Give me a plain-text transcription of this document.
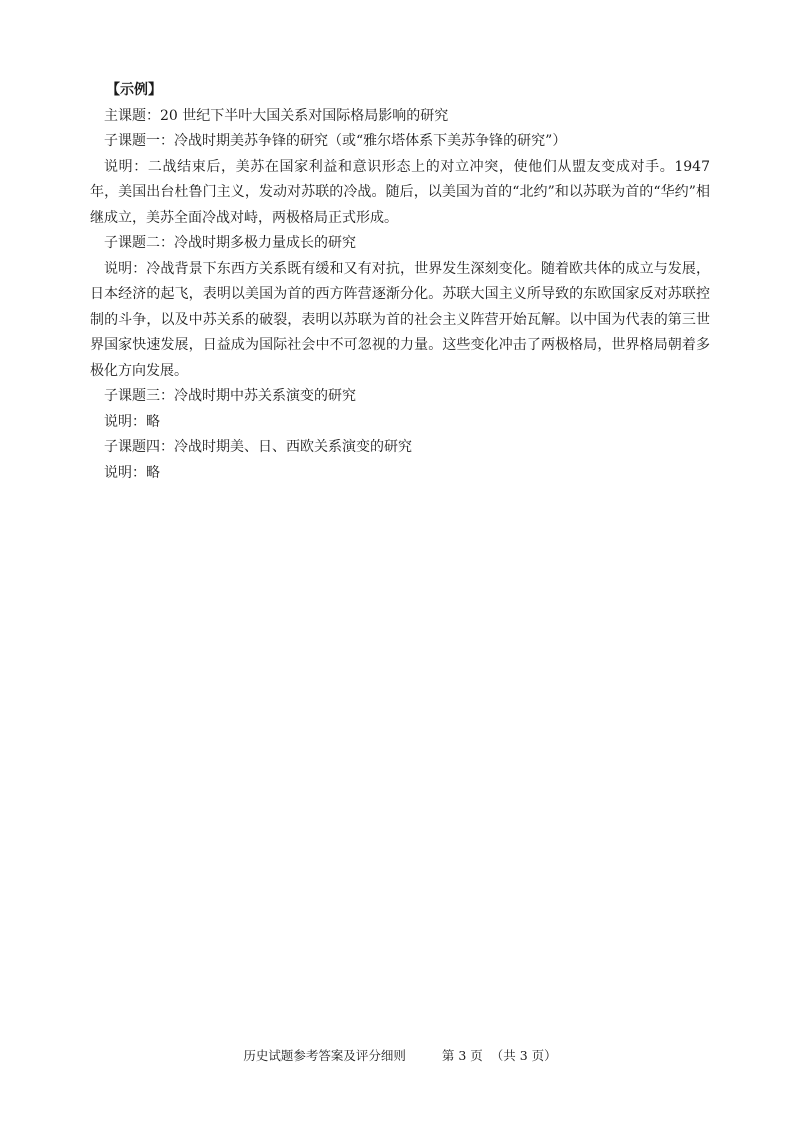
【示例】

主课题：20 世纪下半叶大国关系对国际格局影响的研究

子课题一：冷战时期美苏争锋的研究（或“雅尔塔体系下美苏争锋的研究”）

说明：二战结束后，美苏在国家利益和意识形态上的对立冲突，使他们从盟友变成对手。1947 年，美国出台杜鲁门主义，发动对苏联的冷战。随后，以美国为首的“北约”和以苏联为首的“华约”相继成立，美苏全面冷战对峙，两极格局正式形成。

子课题二：冷战时期多极力量成长的研究

说明：冷战背景下东西方关系既有缓和又有对抗，世界发生深刻变化。随着欧共体的成立与发展，日本经济的起飞，表明以美国为首的西方阵营逐渐分化。苏联大国主义所导致的东欧国家反对苏联控制的斗争，以及中苏关系的破裂，表明以苏联为首的社会主义阵营开始瓦解。以中国为代表的第三世界国家快速发展，日益成为国际社会中不可忽视的力量。这些变化冲击了两极格局，世界格局朝着多极化方向发展。

子课题三：冷战时期中苏关系演变的研究

说明：略

子课题四：冷战时期美、日、西欧关系演变的研究

说明：略

历史试题参考答案及评分细则	第 3 页 （共 3 页）
